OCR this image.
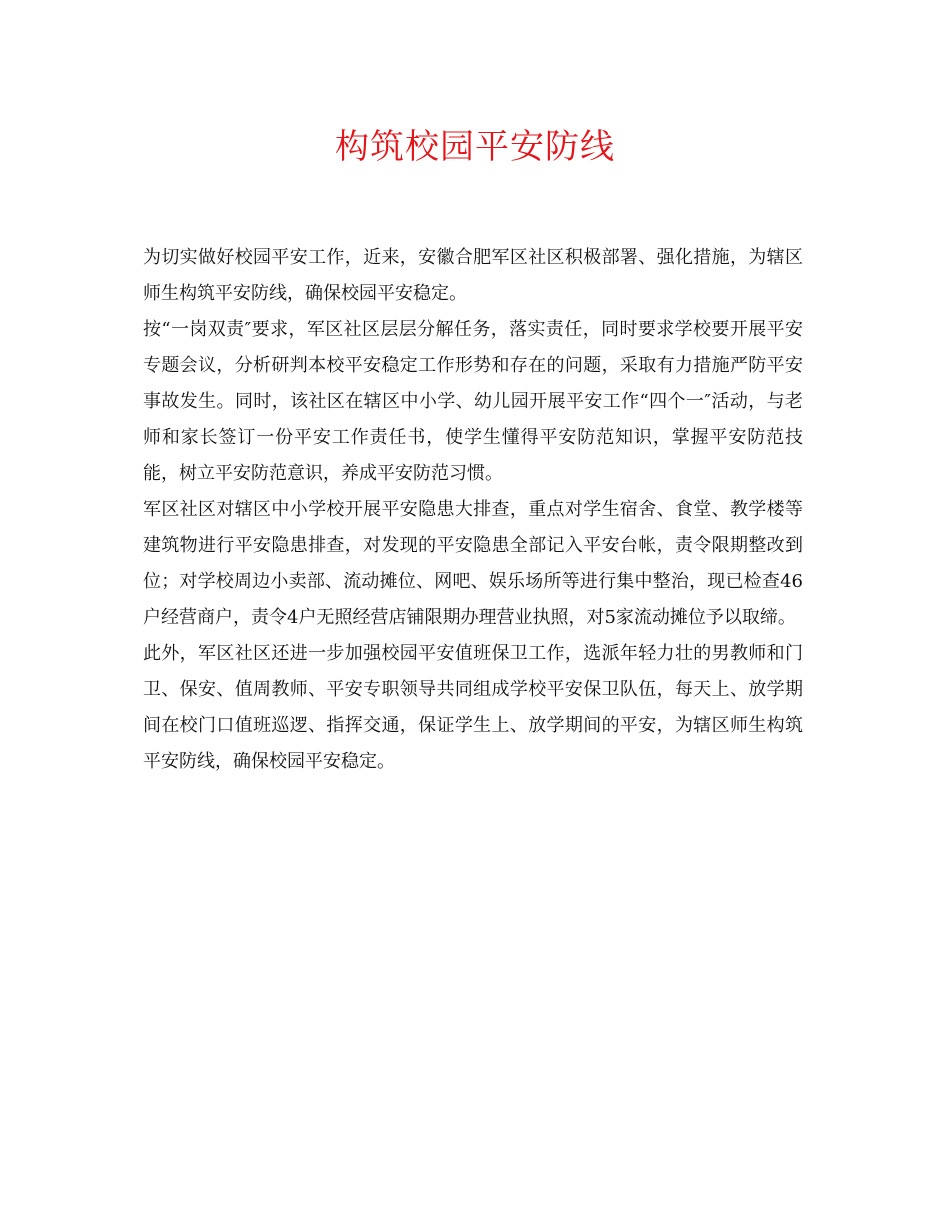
构筑校园平安防线

为切实做好校园平安工作，近来，安徽合肥军区社区积极部署、强化措施，为辖区师生构筑平安防线，确保校园平安稳定。

按“一岗双责″要求，军区社区层层分解任务，落实责任，同时要求学校要开展平安专题会议，分析研判本校平安稳定工作形势和存在的问题，采取有力措施严防平安事故发生。同时，该社区在辖区中小学、幼儿园开展平安工作“四个一″活动，与老师和家长签订一份平安工作责任书，使学生懂得平安防范知识，掌握平安防范技能，树立平安防范意识，养成平安防范习惯。

军区社区对辖区中小学校开展平安隐患大排查，重点对学生宿舍、食堂、教学楼等建筑物进行平安隐患排查，对发现的平安隐患全部记入平安台帐，责令限期整改到位；对学校周边小卖部、流动摊位、网吧、娱乐场所等进行集中整治，现已检查46户经营商户，责令4户无照经营店铺限期办理营业执照，对5家流动摊位予以取缔。

此外，军区社区还进一步加强校园平安值班保卫工作，选派年轻力壮的男教师和门卫、保安、值周教师、平安专职领导共同组成学校平安保卫队伍，每天上、放学期间在校门口值班巡逻、指挥交通，保证学生上、放学期间的平安，为辖区师生构筑平安防线，确保校园平安稳定。
